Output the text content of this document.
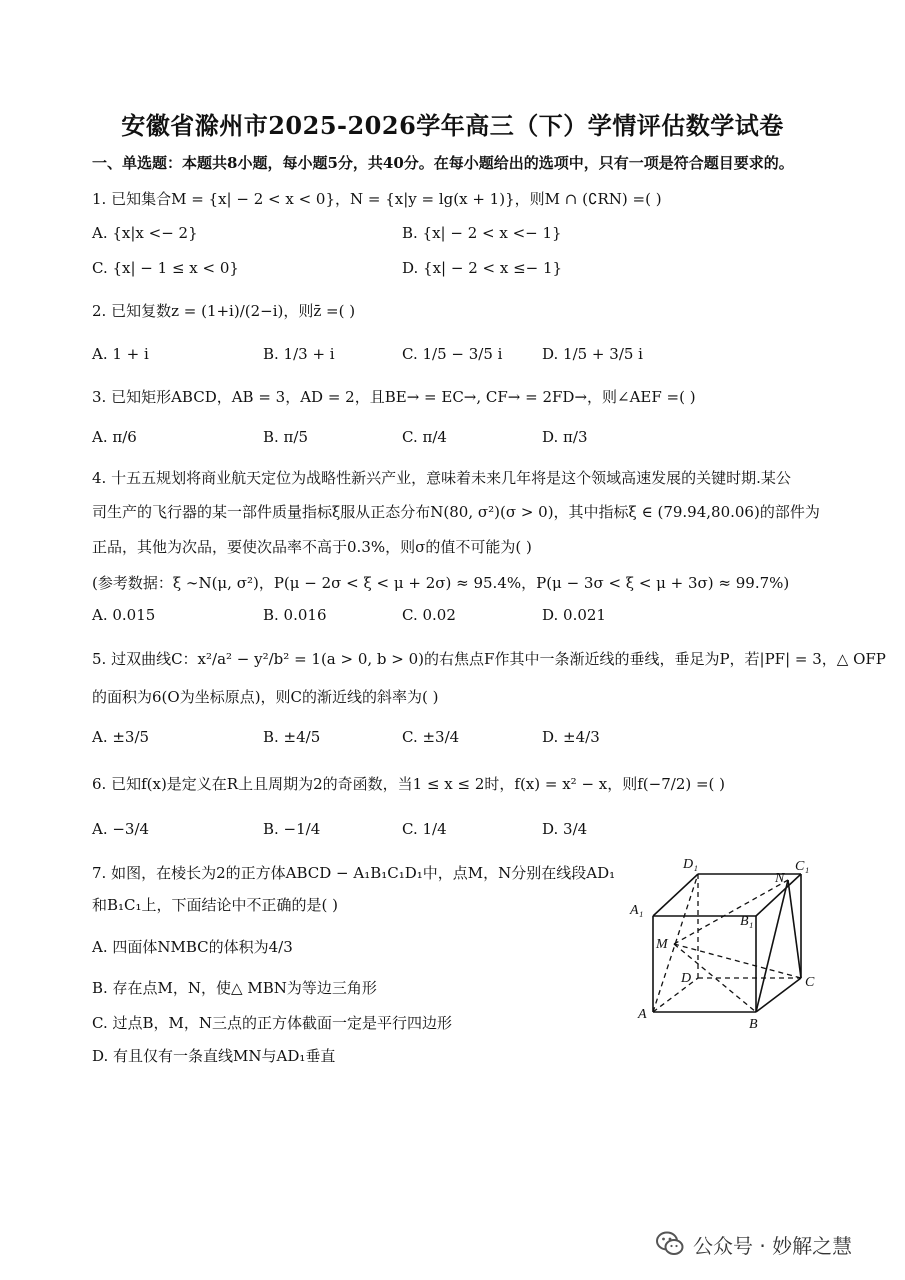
安徽省滁州市2025-2026学年高三（下）学情评估数学试卷
一、单选题：本题共8小题，每小题5分，共40分。在每小题给出的选项中，只有一项是符合题目要求的。
1. 已知集合M = {x| − 2 < x < 0}，N = {x|y = lg(x + 1)}，则M ∩ (∁RN) =( )
A. {x|x <− 2}	B. {x| − 2 < x <− 1}
C. {x| − 1 ≤ x < 0}	D. {x| − 2 < x ≤− 1}
2. 已知复数z = (1+i)/(2−i)，则z̄ =( )
A. 1 + i	B. 1/3 + i	C. 1/5 − 3/5 i	D. 1/5 + 3/5 i
3. 已知矩形ABCD，AB = 3，AD = 2，且BE→ = EC→, CF→ = 2FD→，则∠AEF =( )
A. π/6	B. π/5	C. π/4	D. π/3
4. 十五五规划将商业航天定位为战略性新兴产业，意味着未来几年将是这个领域高速发展的关键时期.某公
司生产的飞行器的某一部件质量指标ξ服从正态分布N(80, σ²)(σ > 0)，其中指标ξ ∈ (79.94,80.06)的部件为
正品，其他为次品，要使次品率不高于0.3%，则σ的值不可能为( )
(参考数据：ξ ∼N(μ, σ²)，P(μ − 2σ < ξ < μ + 2σ) ≈ 95.4%，P(μ − 3σ < ξ < μ + 3σ) ≈ 99.7%)
A. 0.015	B. 0.016	C. 0.02	D. 0.021
5. 过双曲线C：x²/a² − y²/b² = 1(a > 0, b > 0)的右焦点F作其中一条渐近线的垂线，垂足为P，若|PF| = 3，△ OFP
的面积为6(O为坐标原点)，则C的渐近线的斜率为( )
A. ±3/5	B. ±4/5	C. ±3/4	D. ±4/3
6. 已知f(x)是定义在R上且周期为2的奇函数，当1 ≤ x ≤ 2时，f(x) = x² − x，则f(−7/2) =( )
A. −3/4	B. −1/4	C. 1/4	D. 3/4
7. 如图，在棱长为2的正方体ABCD − A₁B₁C₁D₁中，点M，N分别在线段AD₁
和B₁C₁上，下面结论中不正确的是( )
A. 四面体NMBC的体积为4/3
B. 存在点M，N，使△ MBN为等边三角形
C. 过点B，M，N三点的正方体截面一定是平行四边形
D. 有且仅有一条直线MN与AD₁垂直
D₁	C₁
A₁
B₁
N
M
D	C
A
B
公众号 · 妙解之慧
